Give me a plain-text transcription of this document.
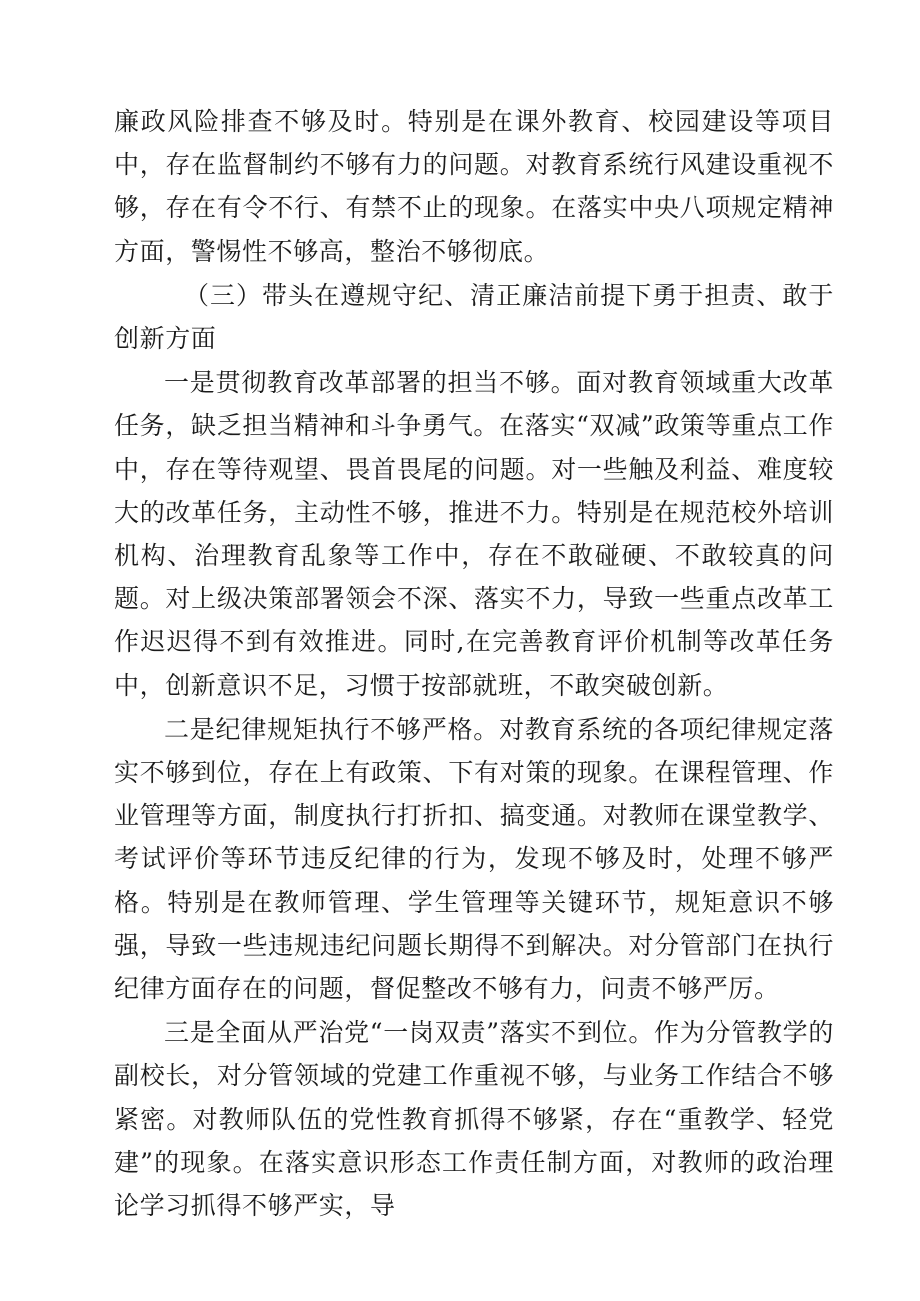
廉政风险排查不够及时。特别是在课外教育、校园建设等项目中，存在监督制约不够有力的问题。对教育系统行风建设重视不够，存在有令不行、有禁不止的现象。在落实中央八项规定精神方面，警惕性不够高，整治不够彻底。

（三）带头在遵规守纪、清正廉洁前提下勇于担责、敢于创新方面

一是贯彻教育改革部署的担当不够。面对教育领域重大改革任务，缺乏担当精神和斗争勇气。在落实“双减”政策等重点工作中，存在等待观望、畏首畏尾的问题。对一些触及利益、难度较大的改革任务，主动性不够，推进不力。特别是在规范校外培训机构、治理教育乱象等工作中，存在不敢碰硬、不敢较真的问题。对上级决策部署领会不深、落实不力，导致一些重点改革工作迟迟得不到有效推进。同时,在完善教育评价机制等改革任务中，创新意识不足，习惯于按部就班，不敢突破创新。

二是纪律规矩执行不够严格。对教育系统的各项纪律规定落实不够到位，存在上有政策、下有对策的现象。在课程管理、作业管理等方面，制度执行打折扣、搞变通。对教师在课堂教学、考试评价等环节违反纪律的行为，发现不够及时，处理不够严格。特别是在教师管理、学生管理等关键环节，规矩意识不够强，导致一些违规违纪问题长期得不到解决。对分管部门在执行纪律方面存在的问题，督促整改不够有力，问责不够严厉。

三是全面从严治党“一岗双责”落实不到位。作为分管教学的副校长，对分管领域的党建工作重视不够，与业务工作结合不够紧密。对教师队伍的党性教育抓得不够紧，存在“重教学、轻党建”的现象。在落实意识形态工作责任制方面，对教师的政治理论学习抓得不够严实，导
